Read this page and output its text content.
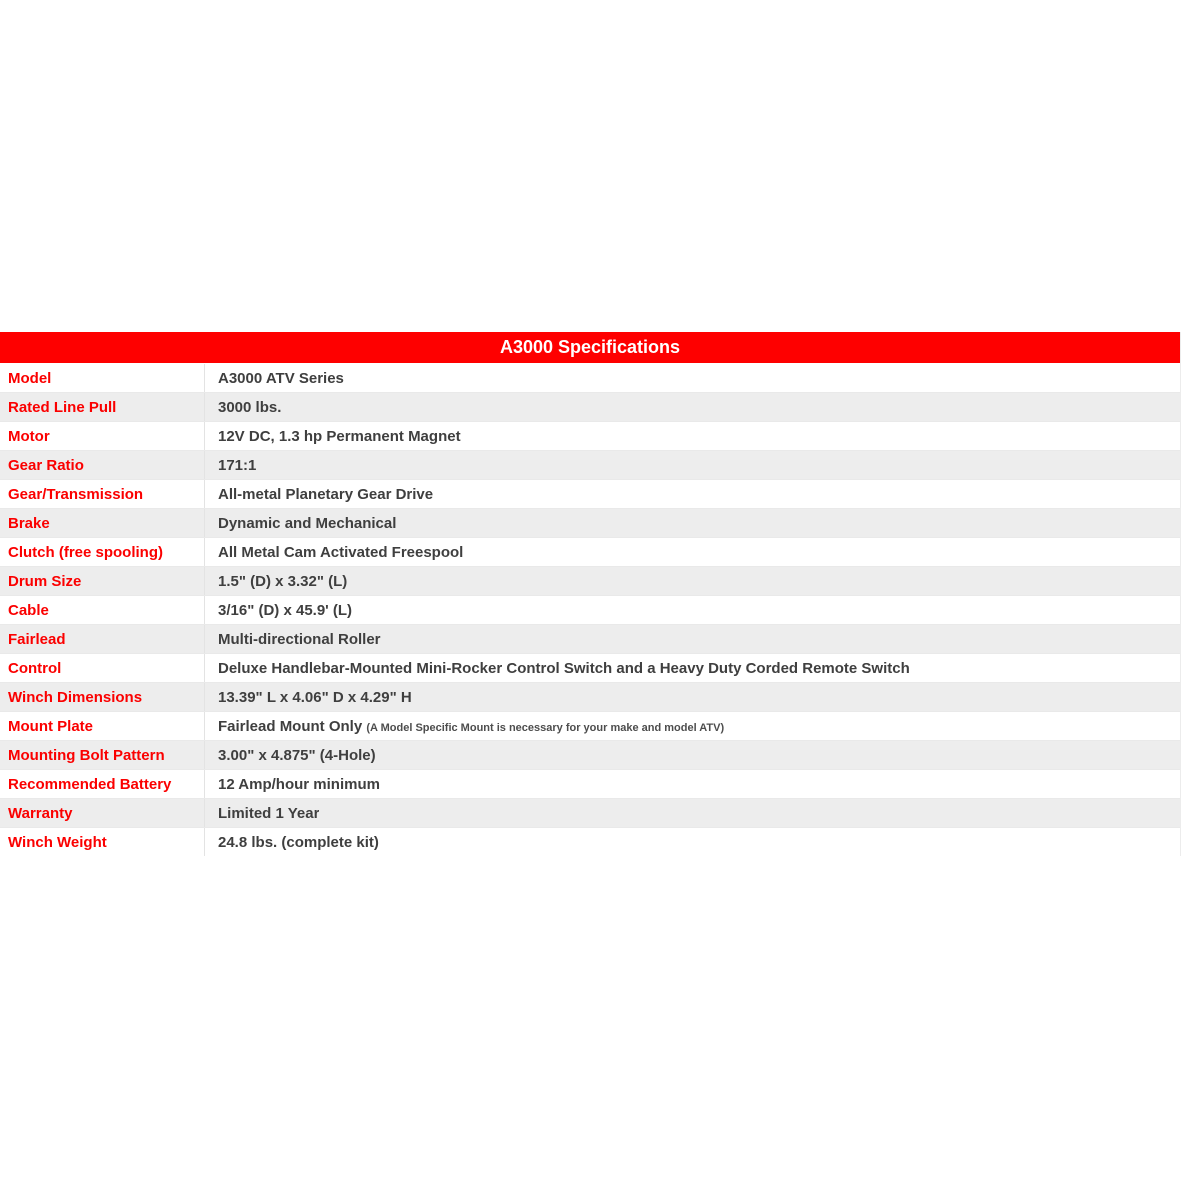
A3000 Specifications
Model	A3000 ATV Series
Rated Line Pull	3000 lbs.
Motor	12V DC, 1.3 hp Permanent Magnet
Gear Ratio	171:1
Gear/Transmission	All-metal Planetary Gear Drive
Brake	Dynamic and Mechanical
Clutch (free spooling)	All Metal Cam Activated Freespool
Drum Size	1.5" (D) x 3.32" (L)
Cable	3/16" (D) x 45.9' (L)
Fairlead	Multi-directional Roller
Control	Deluxe Handlebar-Mounted Mini-Rocker Control Switch and a Heavy Duty Corded Remote Switch
Winch Dimensions	13.39" L x 4.06" D x 4.29" H
Mount Plate	Fairlead Mount Only (A Model Specific Mount is necessary for your make and model ATV)
Mounting Bolt Pattern	3.00" x 4.875" (4-Hole)
Recommended Battery	12 Amp/hour minimum
Warranty	Limited 1 Year
Winch Weight	24.8 lbs. (complete kit)
